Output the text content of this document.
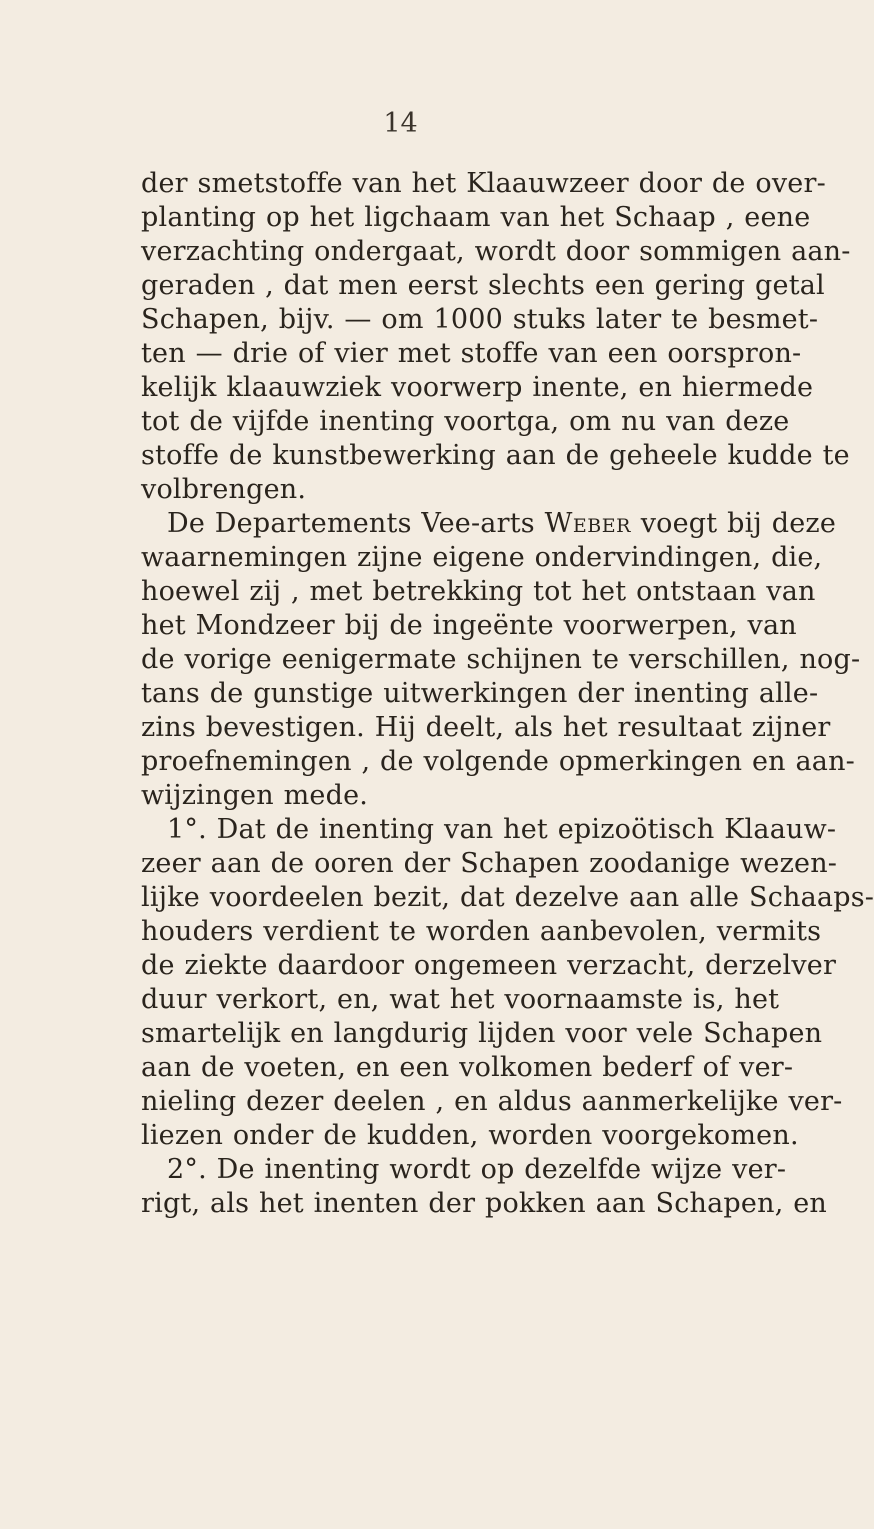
14
der smetstoffe van het Klaauwzeer door de over-
planting op het ligchaam van het Schaap , eene
verzachting ondergaat, wordt door sommigen aan-
geraden , dat men eerst slechts een gering getal
Schapen, bijv. — om 1000 stuks later te besmet-
ten — drie of vier met stoffe van een oorspron-
kelijk klaauwziek voorwerp inente, en hiermede
tot de vijfde inenting voortga, om nu van deze
stoffe de kunstbewerking aan de geheele kudde te
volbrengen.
De Departements Vee-arts Weber voegt bij deze
waarnemingen zijne eigene ondervindingen, die,
hoewel zij , met betrekking tot het ontstaan van
het Mondzeer bij de ingeënte voorwerpen, van
de vorige eenigermate schijnen te verschillen, nog-
tans de gunstige uitwerkingen der inenting alle-
zins bevestigen. Hij deelt, als het resultaat zijner
proefnemingen , de volgende opmerkingen en aan-
wijzingen mede.
1°. Dat de inenting van het epizoötisch Klaauw-
zeer aan de ooren der Schapen zoodanige wezen-
lijke voordeelen bezit, dat dezelve aan alle Schaaps-
houders verdient te worden aanbevolen, vermits
de ziekte daardoor ongemeen verzacht, derzelver
duur verkort, en, wat het voornaamste is, het
smartelijk en langdurig lijden voor vele Schapen
aan de voeten, en een volkomen bederf of ver-
nieling dezer deelen , en aldus aanmerkelijke ver-
liezen onder de kudden, worden voorgekomen.
2°. De inenting wordt op dezelfde wijze ver-
rigt, als het inenten der pokken aan Schapen, en
